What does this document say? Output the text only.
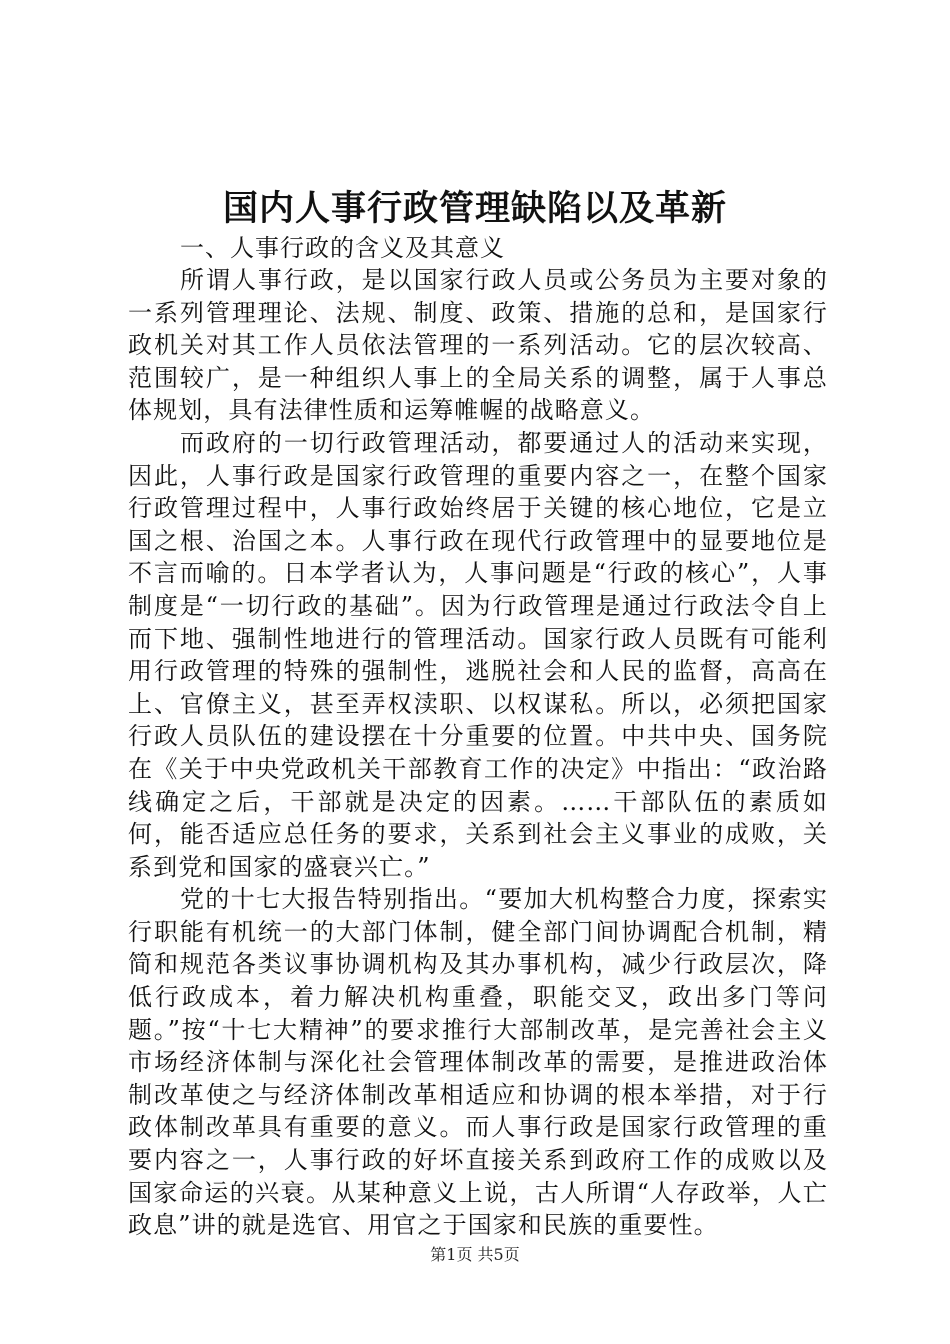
国内人事行政管理缺陷以及革新

一、人事行政的含义及其意义

所谓人事行政，是以国家行政人员或公务员为主要对象的一系列管理理论、法规、制度、政策、措施的总和，是国家行政机关对其工作人员依法管理的一系列活动。它的层次较高、范围较广，是一种组织人事上的全局关系的调整，属于人事总体规划，具有法律性质和运筹帷幄的战略意义。

而政府的一切行政管理活动，都要通过人的活动来实现，因此，人事行政是国家行政管理的重要内容之一，在整个国家行政管理过程中，人事行政始终居于关键的核心地位，它是立国之根、治国之本。人事行政在现代行政管理中的显要地位是不言而喻的。日本学者认为，人事问题是“行政的核心”，人事制度是“一切行政的基础”。因为行政管理是通过行政法令自上而下地、强制性地进行的管理活动。国家行政人员既有可能利用行政管理的特殊的强制性，逃脱社会和人民的监督，高高在上、官僚主义，甚至弄权渎职、以权谋私。所以，必须把国家行政人员队伍的建设摆在十分重要的位置。中共中央、国务院在《关于中央党政机关干部教育工作的决定》中指出：“政治路线确定之后，干部就是决定的因素。……干部队伍的素质如何，能否适应总任务的要求，关系到社会主义事业的成败，关系到党和国家的盛衰兴亡。”

党的十七大报告特别指出。“要加大机构整合力度，探索实行职能有机统一的大部门体制，健全部门间协调配合机制，精简和规范各类议事协调机构及其办事机构，减少行政层次，降低行政成本，着力解决机构重叠，职能交叉，政出多门等问题。”按“十七大精神”的要求推行大部制改革，是完善社会主义市场经济体制与深化社会管理体制改革的需要，是推进政治体制改革使之与经济体制改革相适应和协调的根本举措，对于行政体制改革具有重要的意义。而人事行政是国家行政管理的重要内容之一，人事行政的好坏直接关系到政府工作的成败以及国家命运的兴衰。从某种意义上说，古人所谓“人存政举，人亡政息”讲的就是选官、用官之于国家和民族的重要性。

第1页 共5页
